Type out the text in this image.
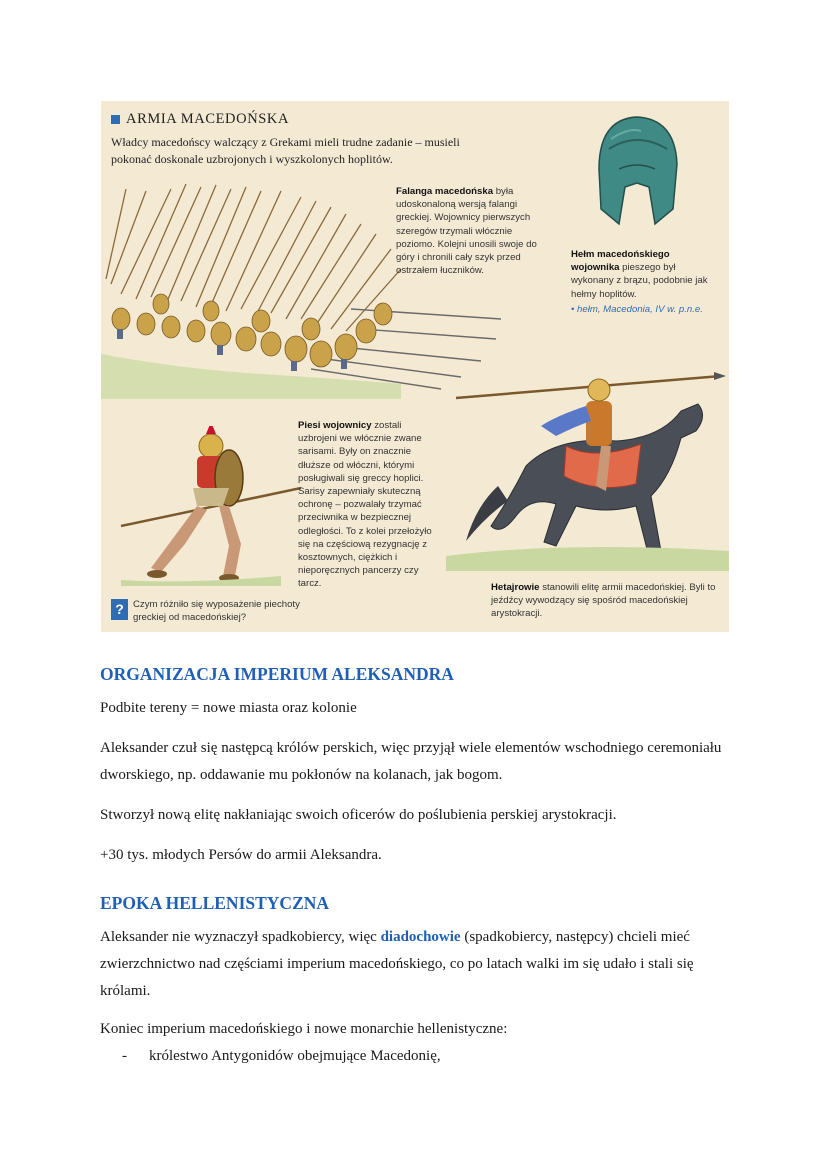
ARMIA MACEDOŃSKA
Władcy macedońscy walczący z Grekami mieli trudne zadanie – musieli pokonać doskonale uzbrojonych i wyszkolonych hoplitów.
Falanga macedońska była udoskonaloną wersją falangi greckiej. Wojownicy pierwszych szeregów trzymali włócznie poziomo. Kolejni unosili swoje do góry i chronili cały szyk przed ostrzałem łuczników.
Hełm macedońskiego wojownika pieszego był wykonany z brązu, podobnie jak hełmy hoplitów.
• hełm, Macedonia, IV w. p.n.e.
Piesi wojownicy zostali uzbrojeni we włócznie zwane sarisami. Były on znacznie dłuższe od włóczni, którymi posługiwali się greccy hoplici. Sarisy zapewniały skuteczną ochronę – pozwalały trzymać przeciwnika w bezpiecznej odległości. To z kolei przełożyło się na częściową rezygnację z kosztownych, ciężkich i nieporęcznych pancerzy czy tarcz.	Hetajrowie stanowili elitę armii macedońskiej. Byli to jeźdźcy wywodzący się spośród macedońskiej arystokracji.
? Czym różniło się wyposażenie piechoty greckiej od macedońskiej?
ORGANIZACJA IMPERIUM ALEKSANDRA
Podbite tereny = nowe miasta oraz kolonie
Aleksander czuł się następcą królów perskich, więc przyjął wiele elementów wschodniego ceremoniału dworskiego, np. oddawanie mu pokłonów na kolanach, jak bogom.
Stworzył nową elitę nakłaniając swoich oficerów do poślubienia perskiej arystokracji.
+30 tys. młodych Persów do armii Aleksandra.
EPOKA HELLENISTYCZNA
Aleksander nie wyznaczył spadkobiercy, więc diadochowie (spadkobiercy, następcy) chcieli mieć zwierzchnictwo nad częściami imperium macedońskiego, co po latach walki im się udało i stali się królami.
Koniec imperium macedońskiego i nowe monarchie hellenistyczne:
-	królestwo Antygonidów obejmujące Macedonię,
